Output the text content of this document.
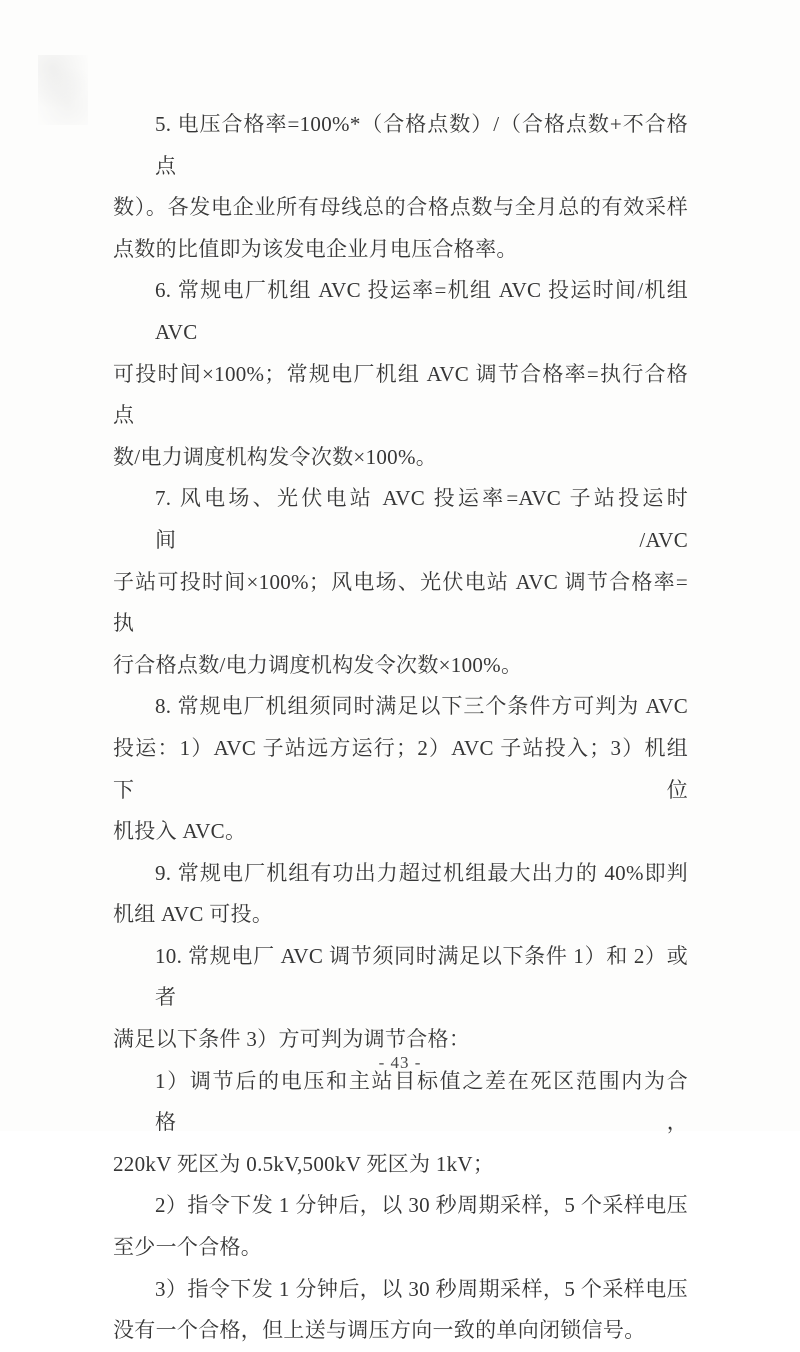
5. 电压合格率=100%*（合格点数）/（合格点数+不合格点
数）。各发电企业所有母线总的合格点数与全月总的有效采样
点数的比值即为该发电企业月电压合格率。
6. 常规电厂机组 AVC 投运率=机组 AVC 投运时间/机组 AVC
可投时间×100%；常规电厂机组 AVC 调节合格率=执行合格点
数/电力调度机构发令次数×100%。
7. 风电场、光伏电站 AVC 投运率=AVC 子站投运时间/AVC
子站可投时间×100%；风电场、光伏电站 AVC 调节合格率=执
行合格点数/电力调度机构发令次数×100%。
8. 常规电厂机组须同时满足以下三个条件方可判为 AVC
投运：1）AVC 子站远方运行；2）AVC 子站投入；3）机组下位
机投入 AVC。
9. 常规电厂机组有功出力超过机组最大出力的 40%即判
机组 AVC 可投。
10. 常规电厂 AVC 调节须同时满足以下条件 1）和 2）或者
满足以下条件 3）方可判为调节合格：
1）调节后的电压和主站目标值之差在死区范围内为合格，
220kV 死区为 0.5kV,500kV 死区为 1kV；
2）指令下发 1 分钟后，以 30 秒周期采样，5 个采样电压
至少一个合格。
3）指令下发 1 分钟后，以 30 秒周期采样，5 个采样电压
没有一个合格，但上送与调压方向一致的单向闭锁信号。
- 43 -
